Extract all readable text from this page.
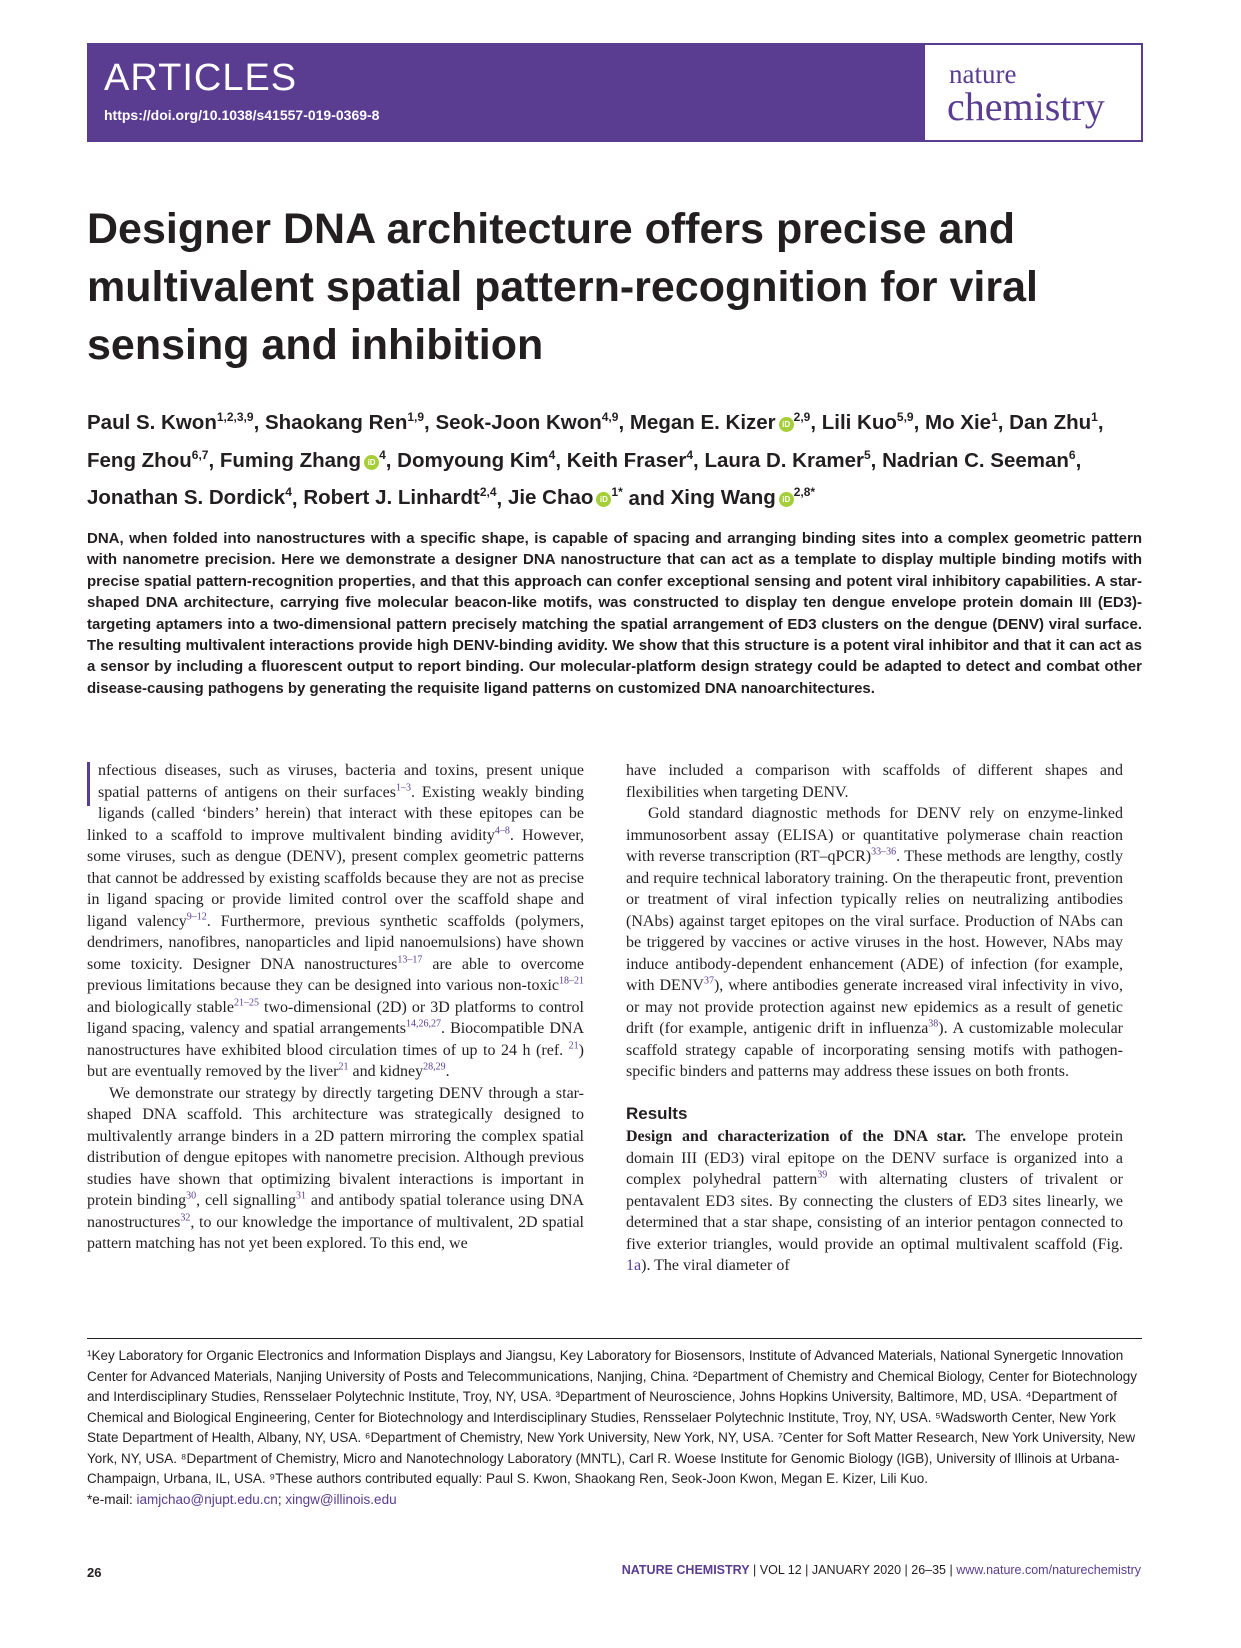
ARTICLES
https://doi.org/10.1038/s41557-019-0369-8
nature
chemistry
Designer DNA architecture offers precise and multivalent spatial pattern-recognition for viral sensing and inhibition
Paul S. Kwon$^{1,2,3,9}$, Shaokang Ren$^{1,9}$, Seok-Joon Kwon$^{4,9}$, Megan E. Kizer iD$^{2,9}$, Lili Kuo$^{5,9}$, Mo Xie$^1$, Dan Zhu$^1$, Feng Zhou$^{6,7}$, Fuming Zhang $iD^4$, Domyoung Kim$^4$, Keith Fraser$^4$, Laura D. Kramer$^5$, Nadrian C. Seeman$^6$, Jonathan S. Dordick$^4$, Robert J. Linhardt$^{2,4}$, Jie Chao $iD^{1*}$ and Xing Wang $iD^{2,8*}$

DNA, when folded into nanostructures with a specific shape, is capable of spacing and arranging binding sites into a complex geometric pattern with nanometre precision. Here we demonstrate a designer DNA nanostructure that can act as a template to display multiple binding motifs with precise spatial pattern-recognition properties, and that this approach can confer exceptional sensing and potent viral inhibitory capabilities. A star-shaped DNA architecture, carrying five molecular beacon-like motifs, was constructed to display ten dengue envelope protein domain III (ED3)-targeting aptamers into a two-dimensional pattern precisely matching the spatial arrangement of ED3 clusters on the dengue (DENV) viral surface. The resulting multivalent interactions provide high DENV-binding avidity. We show that this structure is a potent viral inhibitor and that it can act as a sensor by including a fluorescent output to report binding. Our molecular-platform design strategy could be adapted to detect and combat other disease-causing pathogens by generating the requisite ligand patterns on customized DNA nanoarchitectures.

nfectious diseases, such as viruses, bacteria and toxins, present unique spatial patterns of antigens on their surfaces$^{1-3}$. Existing weakly binding ligands (called ‘binders’ herein) that interact with these epitopes can be linked to a scaffold to improve multivalent binding avidity$^{4-8}$. However, some viruses, such as dengue (DENV), present complex geometric patterns that cannot be addressed by existing scaffolds because they are not as precise in ligand spacing or provide limited control over the scaffold shape and ligand valency$^{9-12}$. Furthermore, previous synthetic scaffolds (polymers, dendrimers, nanofibres, nanoparticles and lipid nanoemulsions) have shown some toxicity. Designer DNA nanostructures$^{13-17}$ are able to overcome previous limitations because they can be designed into various non-toxic$^{18-21}$ and biologically stable$^{21-25}$ two-dimensional (2D) or 3D platforms to control ligand spacing, valency and spatial arrangements$^{14,26,27}$. Biocompatible DNA nanostructures have exhibited blood circulation times of up to 24 h (ref. $^{21}$) but are eventually removed by the liver$^{21}$ and kidney$^{28,29}$.

We demonstrate our strategy by directly targeting DENV through a star-shaped DNA scaffold. This architecture was strategically designed to multivalently arrange binders in a 2D pattern mirroring the complex spatial distribution of dengue epitopes with nanometre precision. Although previous studies have shown that optimizing bivalent interactions is important in protein binding$^{30}$, cell signalling$^{31}$ and antibody spatial tolerance using DNA nanostructures$^{32}$, to our knowledge the importance of multivalent, 2D spatial pattern matching has not yet been explored. To this end, we

have included a comparison with scaffolds of different shapes and flexibilities when targeting DENV.

Gold standard diagnostic methods for DENV rely on enzyme-linked immunosorbent assay (ELISA) or quantitative polymerase chain reaction with reverse transcription (RT–qPCR)$^{33-36}$. These methods are lengthy, costly and require technical laboratory training. On the therapeutic front, prevention or treatment of viral infection typically relies on neutralizing antibodies (NAbs) against target epitopes on the viral surface. Production of NAbs can be triggered by vaccines or active viruses in the host. However, NAbs may induce antibody-dependent enhancement (ADE) of infection (for example, with DENV$^{37}$), where antibodies generate increased viral infectivity in vivo, or may not provide protection against new epidemics as a result of genetic drift (for example, antigenic drift in influenza$^{38}$). A customizable molecular scaffold strategy capable of incorporating sensing motifs with pathogen-specific binders and patterns may address these issues on both fronts.

Results

Design and characterization of the DNA star. The envelope protein domain III (ED3) viral epitope on the DENV surface is organized into a complex polyhedral pattern$^{39}$ with alternating clusters of trivalent or pentavalent ED3 sites. By connecting the clusters of ED3 sites linearly, we determined that a star shape, consisting of an interior pentagon connected to five exterior triangles, would provide an optimal multivalent scaffold (Fig. 1a). The viral diameter of

¹Key Laboratory for Organic Electronics and Information Displays and Jiangsu, Key Laboratory for Biosensors, Institute of Advanced Materials, National Synergetic Innovation Center for Advanced Materials, Nanjing University of Posts and Telecommunications, Nanjing, China. ²Department of Chemistry and Chemical Biology, Center for Biotechnology and Interdisciplinary Studies, Rensselaer Polytechnic Institute, Troy, NY, USA. ³Department of Neuroscience, Johns Hopkins University, Baltimore, MD, USA. ⁴Department of Chemical and Biological Engineering, Center for Biotechnology and Interdisciplinary Studies, Rensselaer Polytechnic Institute, Troy, NY, USA. ⁵Wadsworth Center, New York State Department of Health, Albany, NY, USA. ⁶Department of Chemistry, New York University, New York, NY, USA. ⁷Center for Soft Matter Research, New York University, New York, NY, USA. ⁸Department of Chemistry, Micro and Nanotechnology Laboratory (MNTL), Carl R. Woese Institute for Genomic Biology (IGB), University of Illinois at Urbana-Champaign, Urbana, IL, USA. ⁹These authors contributed equally: Paul S. Kwon, Shaokang Ren, Seok-Joon Kwon, Megan E. Kizer, Lili Kuo.
*e-mail: iamjchao@njupt.edu.cn; xingw@illinois.edu
26	NATURE CHEMISTRY | VOL 12 | JANUARY 2020 | 26–35 | www.nature.com/naturechemistry
